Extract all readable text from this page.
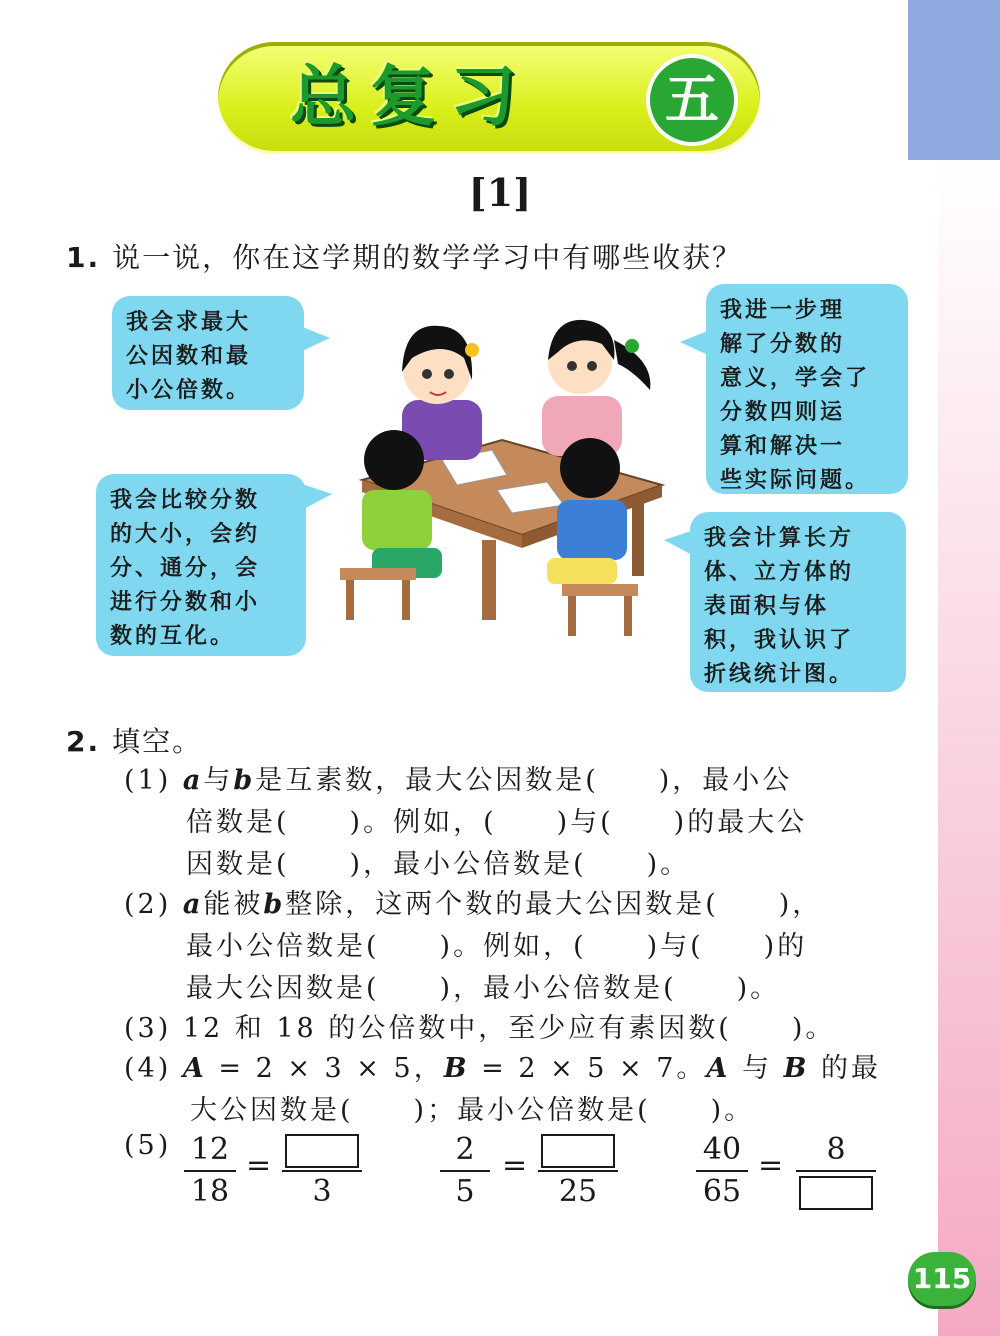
总复习	五
[1]
1. 说一说，你在这学期的数学学习中有哪些收获？
我会求最大
公因数和最
小公倍数。
我会比较分数
的大小，会约
分、通分，会
进行分数和小
数的互化。
我进一步理
解了分数的
意义，学会了
分数四则运
算和解决一
些实际问题。
我会计算长方
体、立方体的
表面积与体
积，我认识了
折线统计图。
2. 填空。
(1) a与b是互素数，最大公因数是(　　)，最小公
倍数是(　　)。例如，(　　)与(　　)的最大公
因数是(　　)，最小公倍数是(　　)。
(2) a能被b整除，这两个数的最大公因数是(　　)，
最小公倍数是(　　)。例如，(　　)与(　　)的
最大公因数是(　　)，最小公倍数是(　　)。
(3) 12 和 18 的公倍数中，至少应有素因数(　　)。
(4) A = 2 × 3 × 5，B = 2 × 5 × 7。A 与 B 的最
大公因数是(　　)；最小公倍数是(　　)。
(5) 12
18
=
3
2
5
=
25
40
65
=	8
115
